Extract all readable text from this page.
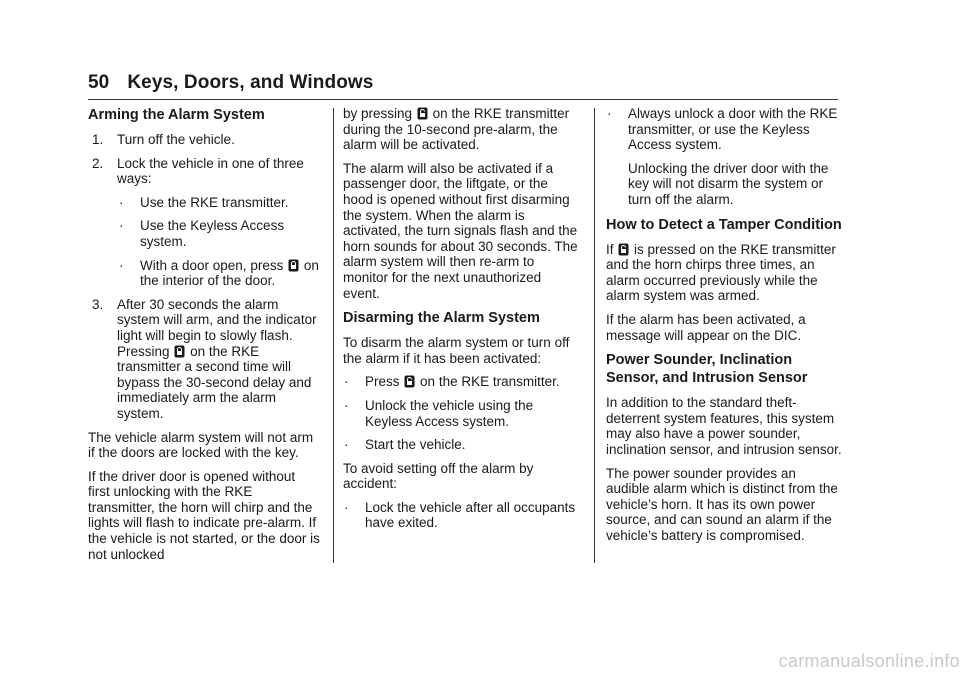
50 Keys, Doors, and Windows
Arming the Alarm System
1. Turn off the vehicle.
2. Lock the vehicle in one of three ways:
· Use the RKE transmitter.
· Use the Keyless Access system.
· With a door open, press on the interior of the door.
3. After 30 seconds the alarm system will arm, and the indicator light will begin to slowly flash. Pressing on the RKE transmitter a second time will bypass the 30-second delay and immediately arm the alarm system.

The vehicle alarm system will not arm if the doors are locked with the key.

If the driver door is opened without first unlocking with the RKE transmitter, the horn will chirp and the lights will flash to indicate pre-alarm. If the vehicle is not started, or the door is not unlocked

by pressing on the RKE transmitter during the 10-second pre-alarm, the alarm will be activated.

The alarm will also be activated if a passenger door, the liftgate, or the hood is opened without first disarming the system. When the alarm is activated, the turn signals flash and the horn sounds for about 30 seconds. The alarm system will then re-arm to monitor for the next unauthorized event.

Disarming the Alarm System

To disarm the alarm system or turn off the alarm if it has been activated:

· Press on the RKE transmitter.
· Unlock the vehicle using the Keyless Access system.
· Start the vehicle.

To avoid setting off the alarm by accident:

· Lock the vehicle after all occupants have exited.
· Always unlock a door with the RKE transmitter, or use the Keyless Access system.

Unlocking the driver door with the key will not disarm the system or turn off the alarm.

How to Detect a Tamper Condition

If is pressed on the RKE transmitter and the horn chirps three times, an alarm occurred previously while the alarm system was armed.

If the alarm has been activated, a message will appear on the DIC.

Power Sounder, Inclination Sensor, and Intrusion Sensor

In addition to the standard theft-deterrent system features, this system may also have a power sounder, inclination sensor, and intrusion sensor.

The power sounder provides an audible alarm which is distinct from the vehicle’s horn. It has its own power source, and can sound an alarm if the vehicle’s battery is compromised.

carmanualsonline.info
